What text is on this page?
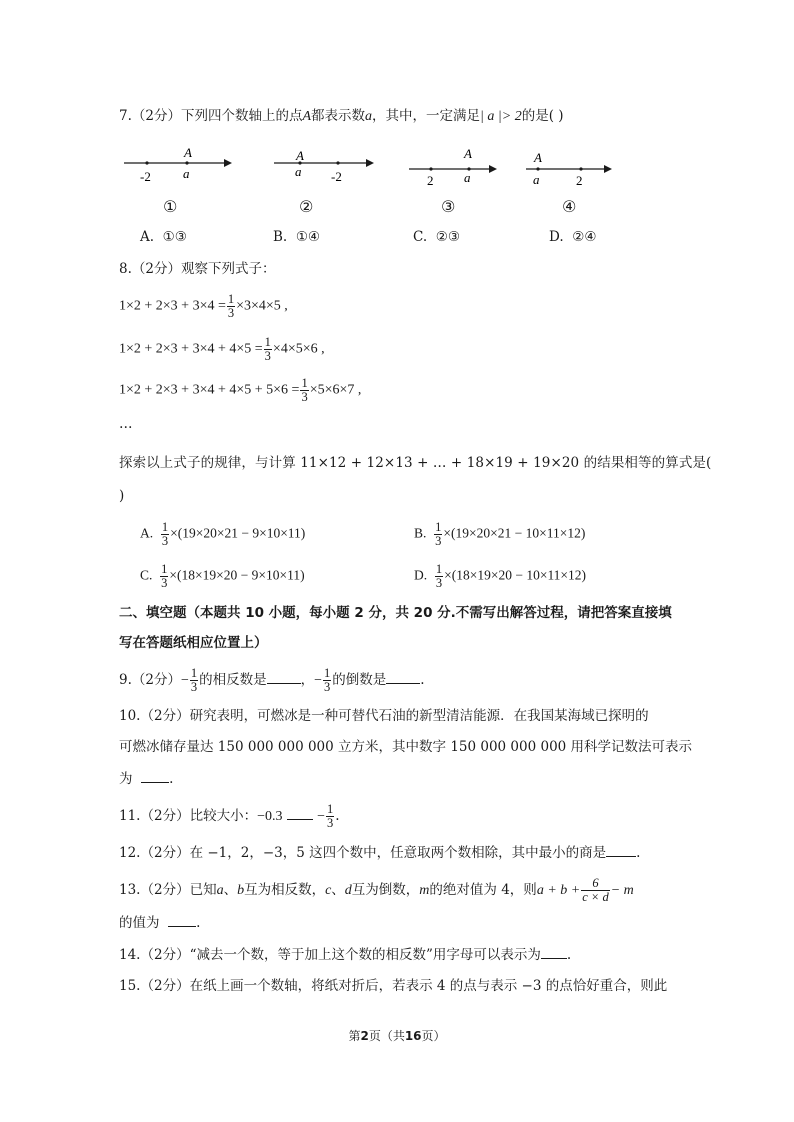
7.（2分）下列四个数轴上的点A都表示数a，其中，一定满足| a |> 2的是( )
A
-2 a
A
a -2
A
2 a
A
a	2
①	②	③	④
A. ①③	B. ①④	C. ②③	D. ②④
8.（2分）观察下列式子：
$1\times 2 + 2\times 3 + 3\times 4 = \frac{1}{3} \times 3\times 4\times 5$ ,
$1\times 2 + 2\times 3 + 3\times 4 + 4\times 5 = \frac{1}{3} \times 4\times 5\times 6$ ,
$1\times 2 + 2\times 3 + 3\times 4 + 4\times 5 + 5\times 6 = \frac{1}{3} \times 5\times 6\times 7$ ,
…
探索以上式子的规律，与计算 11×12 + 12×13 + … + 18×19 + 19×20 的结果相等的算式是(
)
A. $\frac{1}{3} \times(19\times 20\times 21 - 9\times 10\times 11)$	B. $\frac{1}{3} \times(19\times 20\times 21 - 10\times 11\times 12)$
C. $\frac{1}{3} \times(18\times 19\times 20 - 9\times 10\times 11)$	D. $\frac{1}{3} \times(18\times 19\times 20 - 10\times 11\times 12)$
二、填空题（本题共 10 小题，每小题 2 分，共 20 分.不需写出解答过程，请把答案直接填
写在答题纸相应位置上）
9.（2分）− $\frac{1}{3}$ 的相反数是	，− $\frac{1}{3}$ 的倒数是	.
10.（2分）研究表明，可燃冰是一种可替代石油的新型清洁能源．在我国某海域已探明的
可燃冰储存量达 150 000 000 000 立方米，其中数字 150 000 000 000 用科学记数法可表示
为	.
11.（2分）比较大小：$-0.3 - \frac{1}{3}$ .
12.（2分）在 −1，2，−3，5 这四个数中，任意取两个数相除，其中最小的商是 .
13.（2分）已知a、b互为相反数，c、d互为倒数，m的绝对值为 4，则$a + b + \frac{6}{c \times d} - m$
的值为	.
14.（2分）“减去一个数，等于加上这个数的相反数”用字母可以表示为 .
15.（2分）在纸上画一个数轴，将纸对折后，若表示 4 的点与表示 −3 的点恰好重合，则此
第2页（共16页）
